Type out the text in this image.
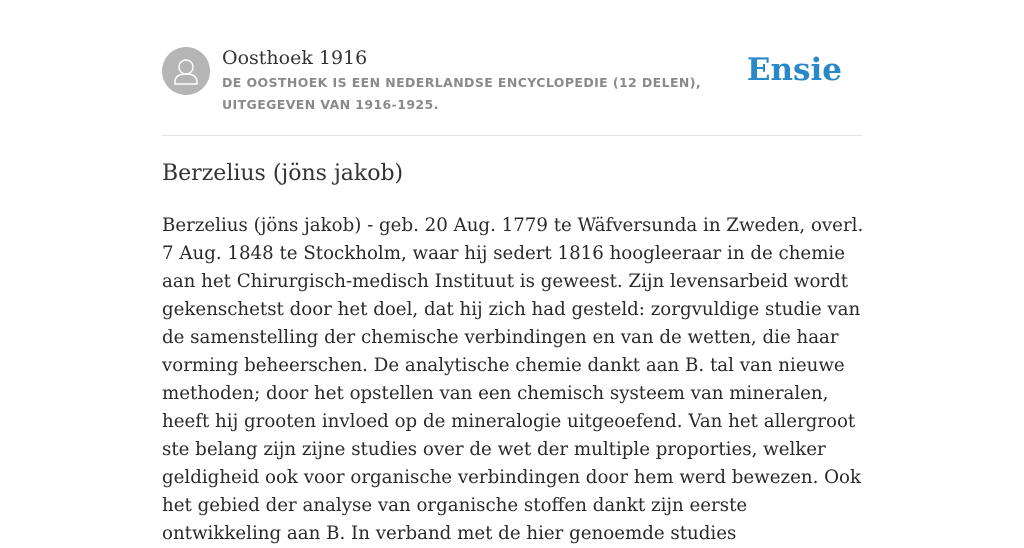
Oosthoek 1916
DE OOSTHOEK IS EEN NEDERLANDSE ENCYCLOPEDIE (12 DELEN), UITGEGEVEN VAN 1916-1925.
Ensie
Berzelius (jöns jakob)

Berzelius (jöns jakob) - geb. 20 Aug. 1779 te Wäfversunda in Zweden, overl. 7 Aug. 1848 te Stockholm, waar hij sedert 1816 hoogleeraar in de chemie aan het Chirurgisch-medisch Instituut is geweest. Zijn levensarbeid wordt gekenschetst door het doel, dat hij zich had gesteld: zorgvuldige studie van de samenstelling der chemische verbindingen en van de wetten, die haar vorming beheerschen. De analytische chemie dankt aan B. tal van nieuwe methoden; door het opstellen van een chemisch systeem van mineralen, heeft hij grooten invloed op de mineralogie uitgeoefend. Van het allergroot ste belang zijn zijne studies over de wet der multiple proporties, welker geldigheid ook voor organische verbindingen door hem werd bewezen. Ook het gebied der analyse van organische stoffen dankt zijn eerste ontwikkeling aan B. In verband met de hier genoemde studies
